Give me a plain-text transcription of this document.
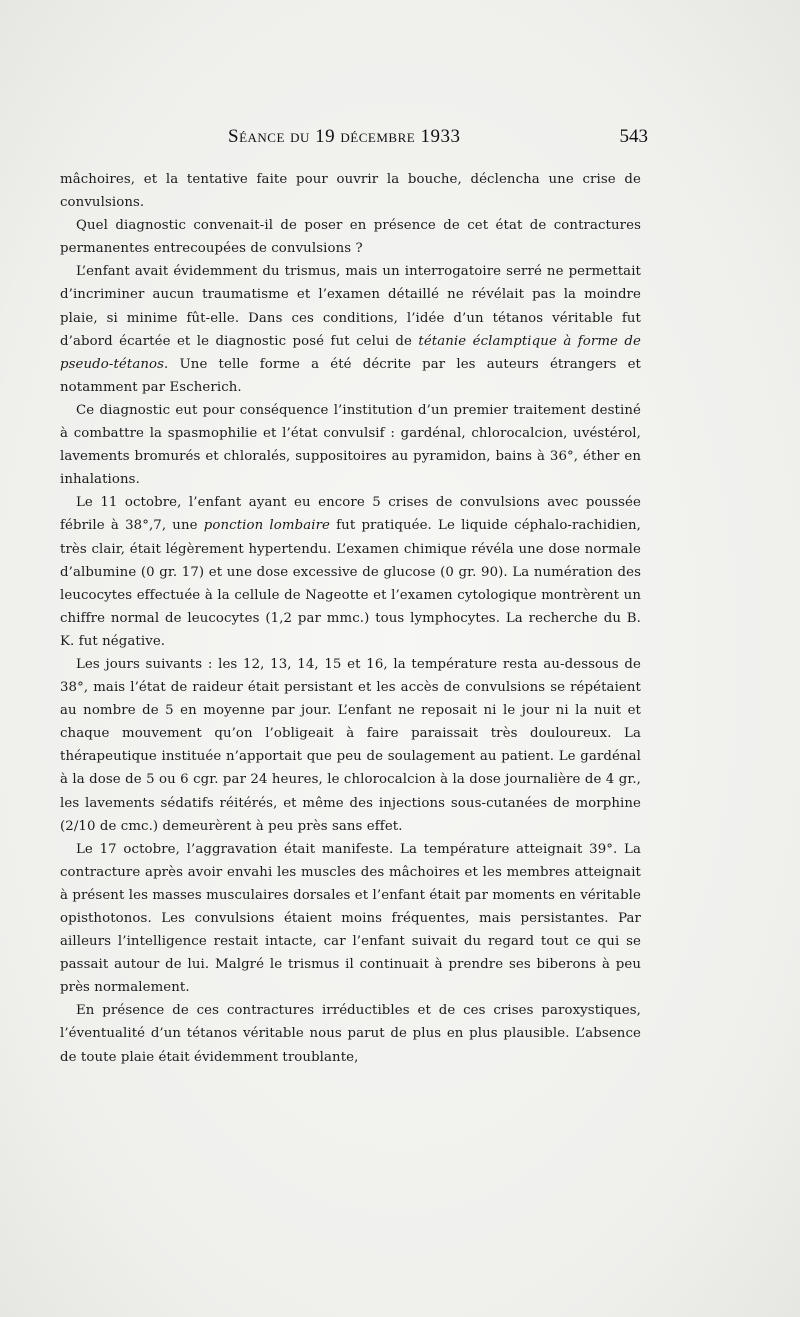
Séance du 19 décembre 1933	543

mâchoires, et la tentative faite pour ouvrir la bouche, déclencha une crise de convulsions.

Quel diagnostic convenait-il de poser en présence de cet état de contractures permanentes entrecoupées de convulsions ?

L’enfant avait évidemment du trismus, mais un interrogatoire serré ne permettait d’incriminer aucun traumatisme et l’examen détaillé ne révélait pas la moindre plaie, si minime fût-elle. Dans ces conditions, l’idée d’un tétanos véritable fut d’abord écartée et le diagnostic posé fut celui de tétanie éclamptique à forme de pseudo-tétanos. Une telle forme a été décrite par les auteurs étrangers et notamment par Escherich.

Ce diagnostic eut pour conséquence l’institution d’un premier traitement destiné à combattre la spasmophilie et l’état convulsif : gardénal, chlorocalcion, uvéstérol, lavements bromurés et chloralés, suppositoires au pyramidon, bains à 36°, éther en inhalations.

Le 11 octobre, l’enfant ayant eu encore 5 crises de convulsions avec poussée fébrile à 38°,7, une ponction lombaire fut pratiquée. Le liquide céphalo-rachidien, très clair, était légèrement hypertendu. L’examen chimique révéla une dose normale d’albumine (0 gr. 17) et une dose excessive de glucose (0 gr. 90). La numération des leucocytes effectuée à la cellule de Nageotte et l’examen cytologique montrèrent un chiffre normal de leucocytes (1,2 par mmc.) tous lymphocytes. La recherche du B. K. fut négative.

Les jours suivants : les 12, 13, 14, 15 et 16, la température resta au-dessous de 38°, mais l’état de raideur était persistant et les accès de convulsions se répétaient au nombre de 5 en moyenne par jour. L’enfant ne reposait ni le jour ni la nuit et chaque mouvement qu’on l’obligeait à faire paraissait très douloureux. La thérapeutique instituée n’apportait que peu de soulagement au patient. Le gardénal à la dose de 5 ou 6 cgr. par 24 heures, le chlorocalcion à la dose journalière de 4 gr., les lavements sédatifs réitérés, et même des injections sous-cutanées de morphine (2/10 de cmc.) demeurèrent à peu près sans effet.

Le 17 octobre, l’aggravation était manifeste. La température atteignait 39°. La contracture après avoir envahi les muscles des mâchoires et les membres atteignait à présent les masses musculaires dorsales et l’enfant était par moments en véritable opisthotonos. Les convulsions étaient moins fréquentes, mais persistantes. Par ailleurs l’intelligence restait intacte, car l’enfant suivait du regard tout ce qui se passait autour de lui. Malgré le trismus il continuait à prendre ses biberons à peu près normalement.

En présence de ces contractures irréductibles et de ces crises paroxystiques, l’éventualité d’un tétanos véritable nous parut de plus en plus plausible. L’absence de toute plaie était évidemment troublante,
